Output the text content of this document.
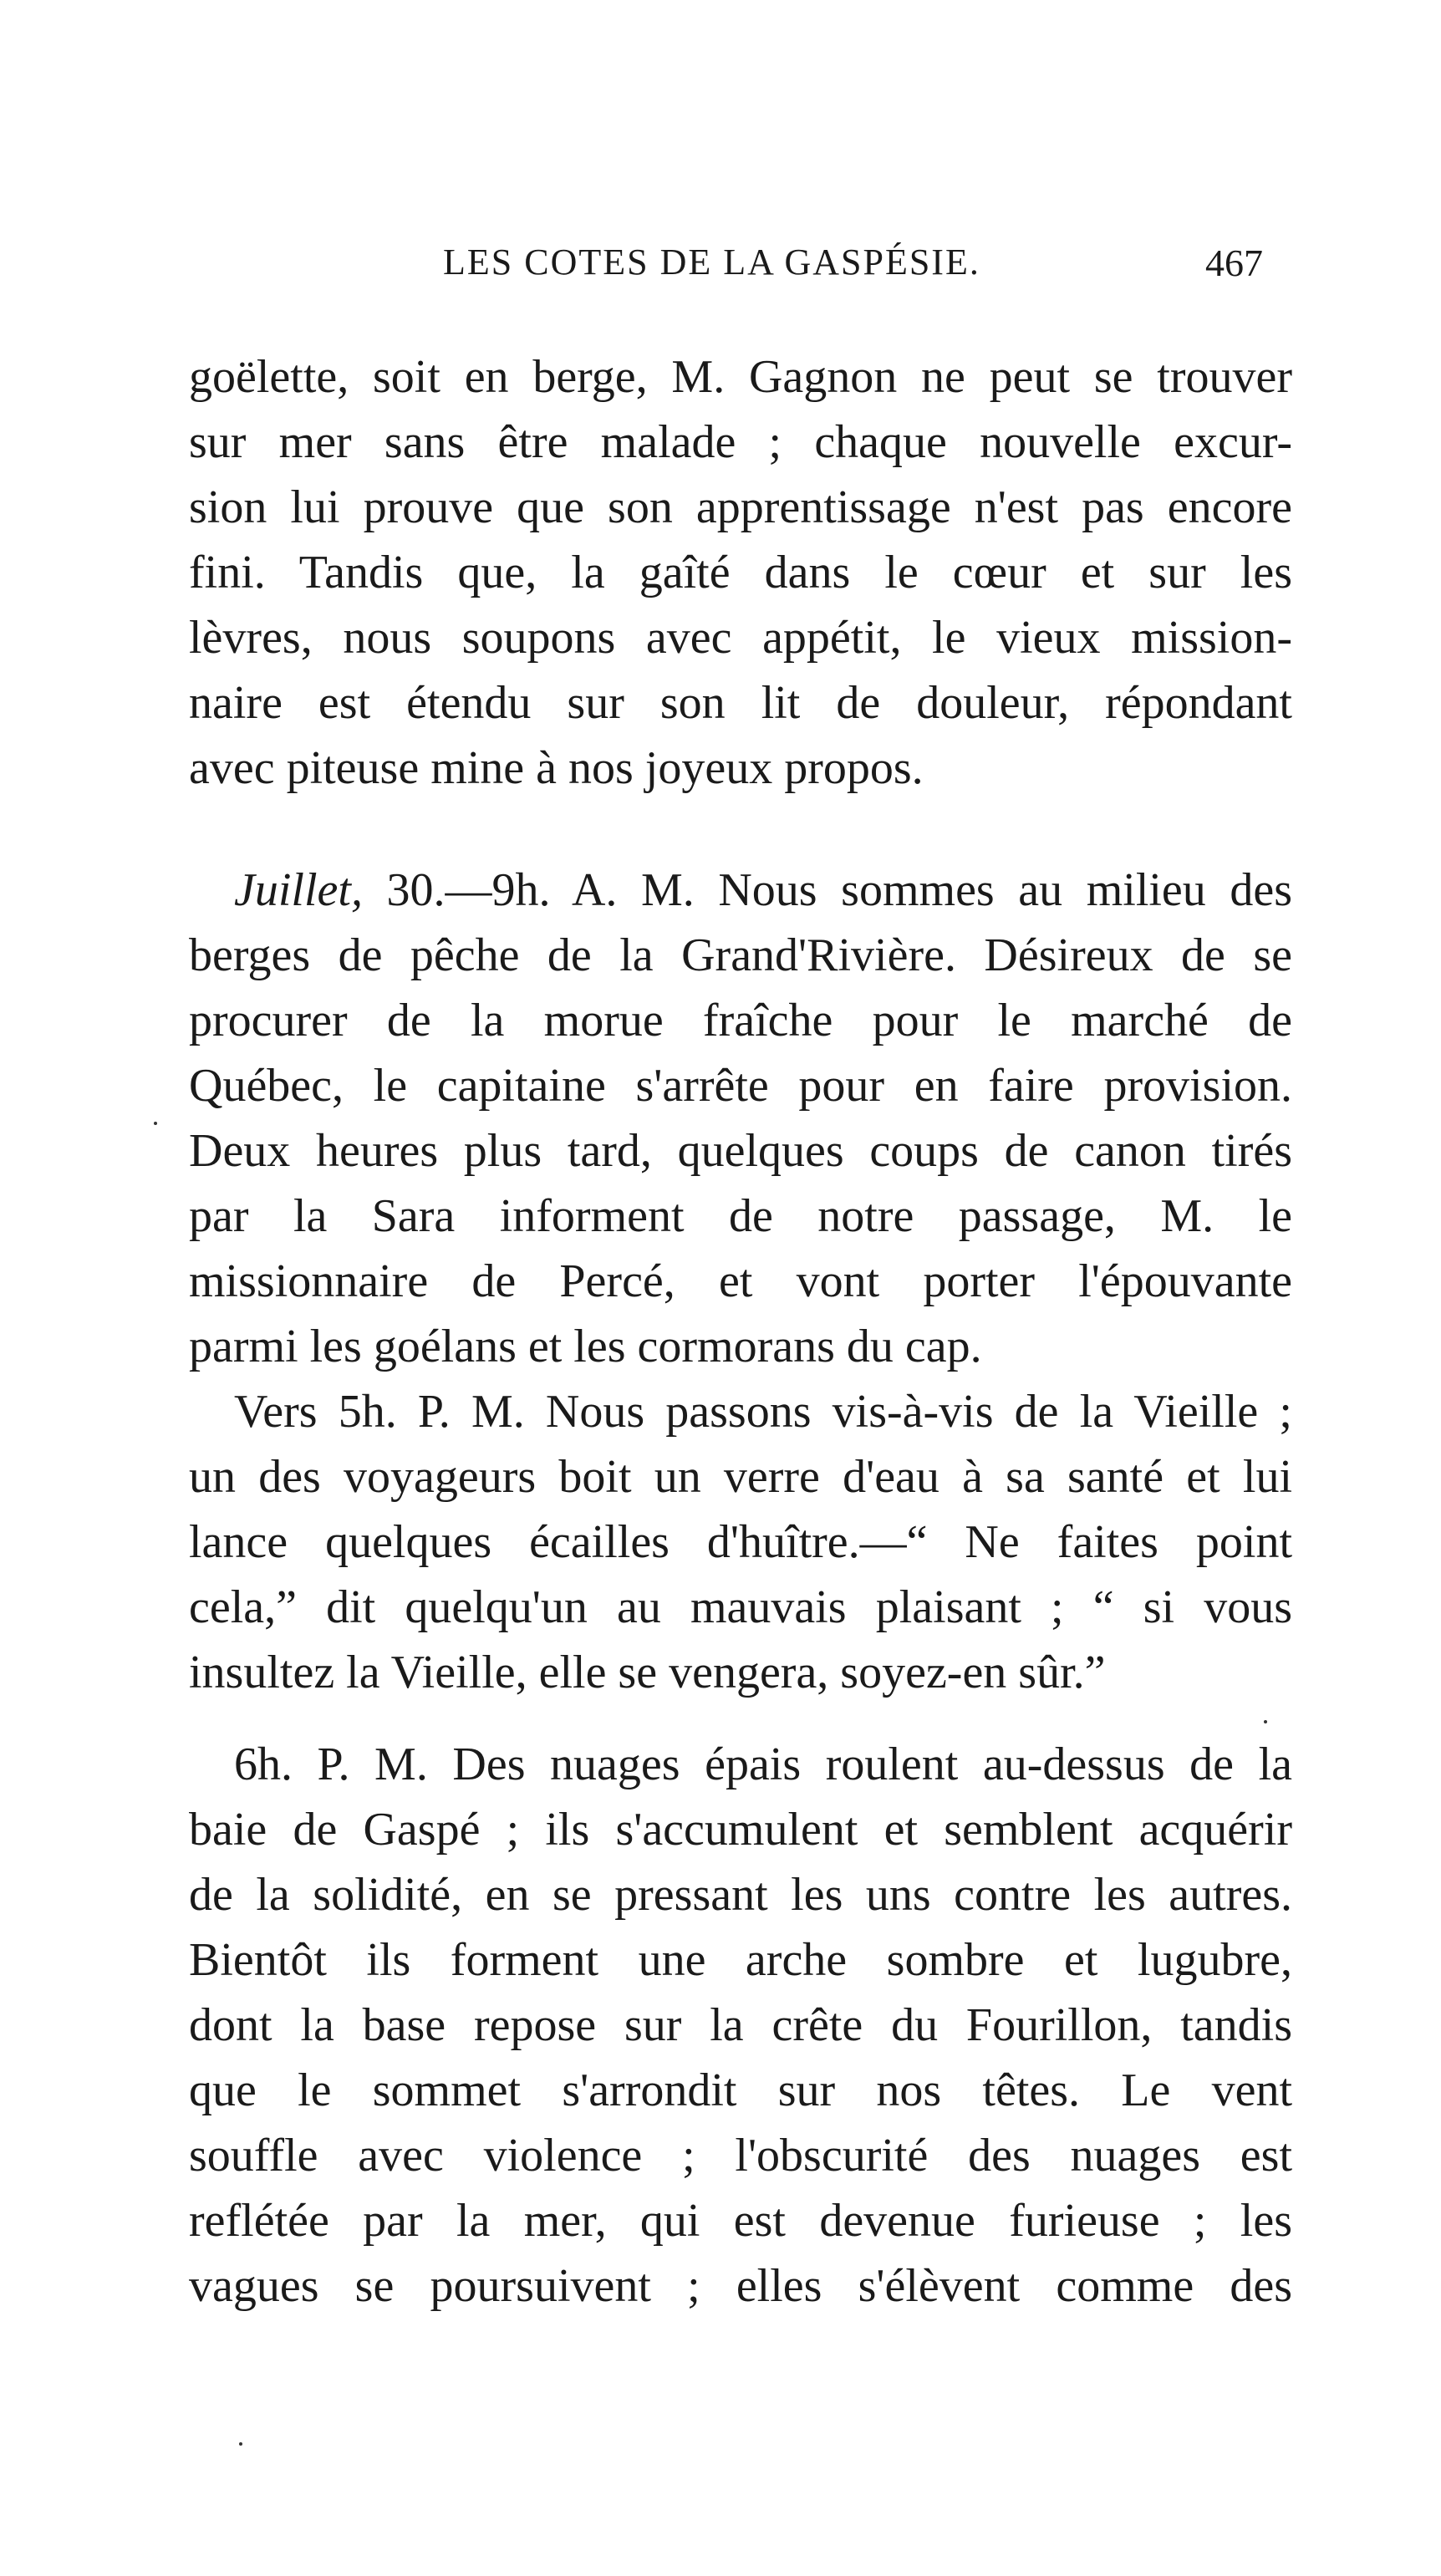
LES COTES DE LA GASPÉSIE.	467
goëlette, soit en berge, M. Gagnon ne peut se trouver
sur mer sans être malade ; chaque nouvelle excur-
sion lui prouve que son apprentissage n'est pas encore
fini. Tandis que, la gaîté dans le cœur et sur les
lèvres, nous soupons avec appétit, le vieux mission-
naire est étendu sur son lit de douleur, répondant
avec piteuse mine à nos joyeux propos.
Juillet, 30.—9h. A. M. Nous sommes au milieu des
berges de pêche de la Grand'Rivière. Désireux de se
procurer de la morue fraîche pour le marché de
Québec, le capitaine s'arrête pour en faire provision.
Deux heures plus tard, quelques coups de canon tirés
par la Sara informent de notre passage, M. le
missionnaire de Percé, et vont porter l'épouvante
parmi les goélans et les cormorans du cap.
Vers 5h. P. M. Nous passons vis-à-vis de la Vieille ;
un des voyageurs boit un verre d'eau à sa santé et lui
lance quelques écailles d'huître.—“ Ne faites point
cela,” dit quelqu'un au mauvais plaisant ; “ si vous
insultez la Vieille, elle se vengera, soyez-en sûr.”
6h. P. M. Des nuages épais roulent au-dessus de la
baie de Gaspé ; ils s'accumulent et semblent acquérir
de la solidité, en se pressant les uns contre les autres.
Bientôt ils forment une arche sombre et lugubre,
dont la base repose sur la crête du Fourillon, tandis
que le sommet s'arrondit sur nos têtes. Le vent
souffle avec violence ; l'obscurité des nuages est
reflétée par la mer, qui est devenue furieuse ; les
vagues se poursuivent ; elles s'élèvent comme des
